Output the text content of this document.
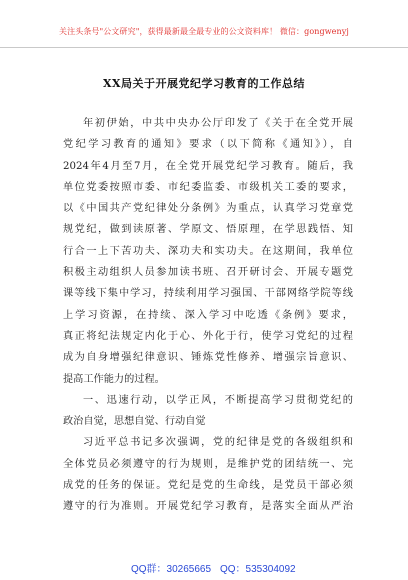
关注头条号"公文研究"，获得最新最全最专业的公文资料库！ 微信：gongwenyj
XX局关于开展党纪学习教育的工作总结
年初伊始，中共中央办公厅印发了《关于在全党开展
党纪学习教育的通知》要求（以下简称《通知》），自
2024年4月至7月，在全党开展党纪学习教育。随后，我
单位党委按照市委、市纪委监委、市级机关工委的要求，
以《中国共产党纪律处分条例》为重点，认真学习党章党
规党纪，做到读原著、学原文、悟原理，在学思践悟、知
行合一上下苦功夫、深功夫和实功夫。在这期间，我单位
积极主动组织人员参加读书班、召开研讨会、开展专题党
课等线下集中学习，持续利用学习强国、干部网络学院等线
上学习资源，在持续、深入学习中吃透《条例》要求，
真正将纪法规定内化于心、外化于行，使学习党纪的过程
成为自身增强纪律意识、锤炼党性修养、增强宗旨意识、
提高工作能力的过程。
一、迅速行动，以学正风，不断提高学习贯彻党纪的
政治自觉，思想自觉、行动自觉
习近平总书记多次强调，党的纪律是党的各级组织和
全体党员必须遵守的行为规则，是维护党的团结统一、完
成党的任务的保证。党纪是党的生命线，是党员干部必须
遵守的行为准则。开展党纪学习教育，是落实全面从严治
QQ群：30265665 QQ：535304092
